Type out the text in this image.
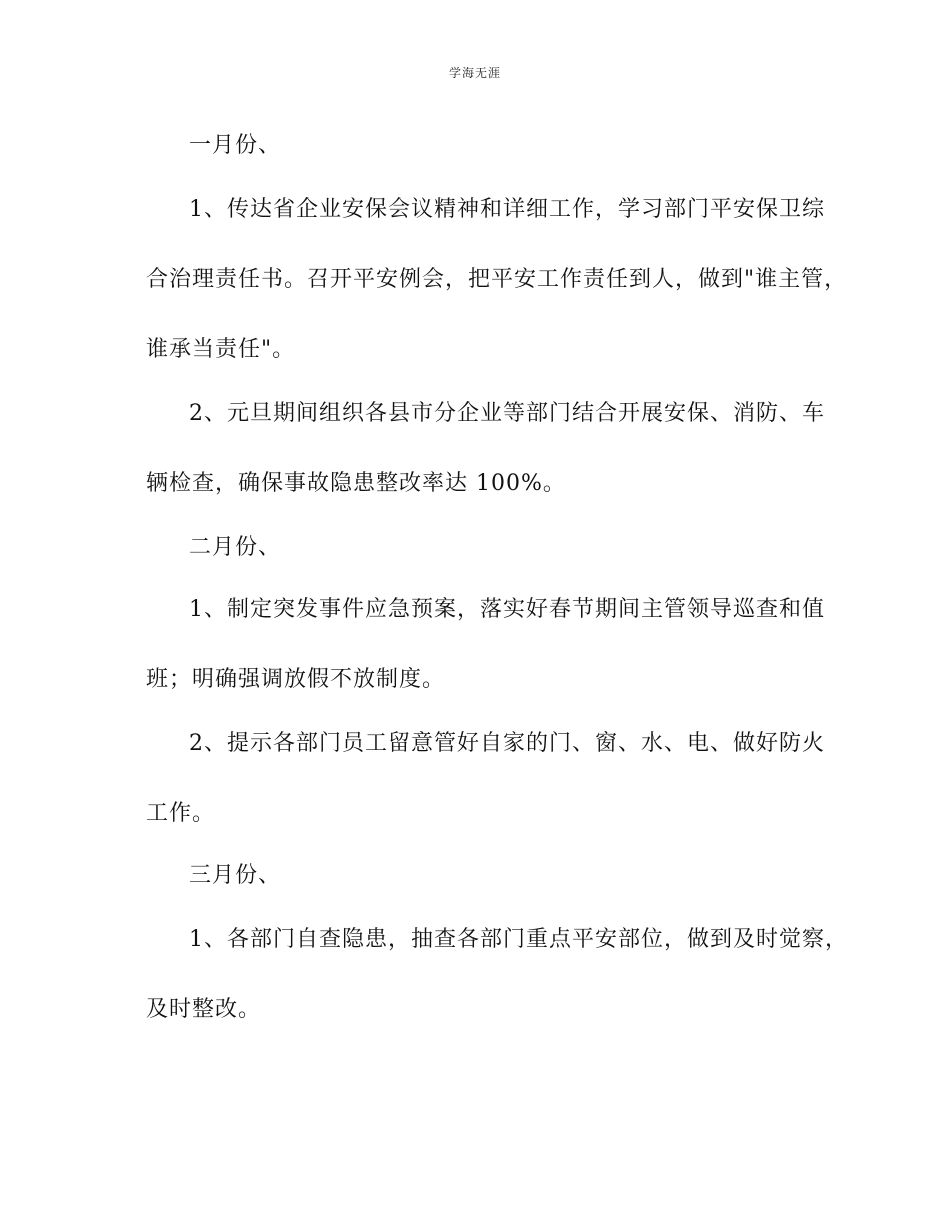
学海无涯
一月份、
1、传达省企业安保会议精神和详细工作，学习部门平安保卫综
合治理责任书。召开平安例会，把平安工作责任到人，做到"谁主管，
谁承当责任"。
2、元旦期间组织各县市分企业等部门结合开展安保、消防、车
辆检查，确保事故隐患整改率达 100%。
二月份、
1、制定突发事件应急预案，落实好春节期间主管领导巡查和值
班；明确强调放假不放制度。
2、提示各部门员工留意管好自家的门、窗、水、电、做好防火
工作。
三月份、
1、各部门自查隐患，抽查各部门重点平安部位，做到及时觉察，
及时整改。
